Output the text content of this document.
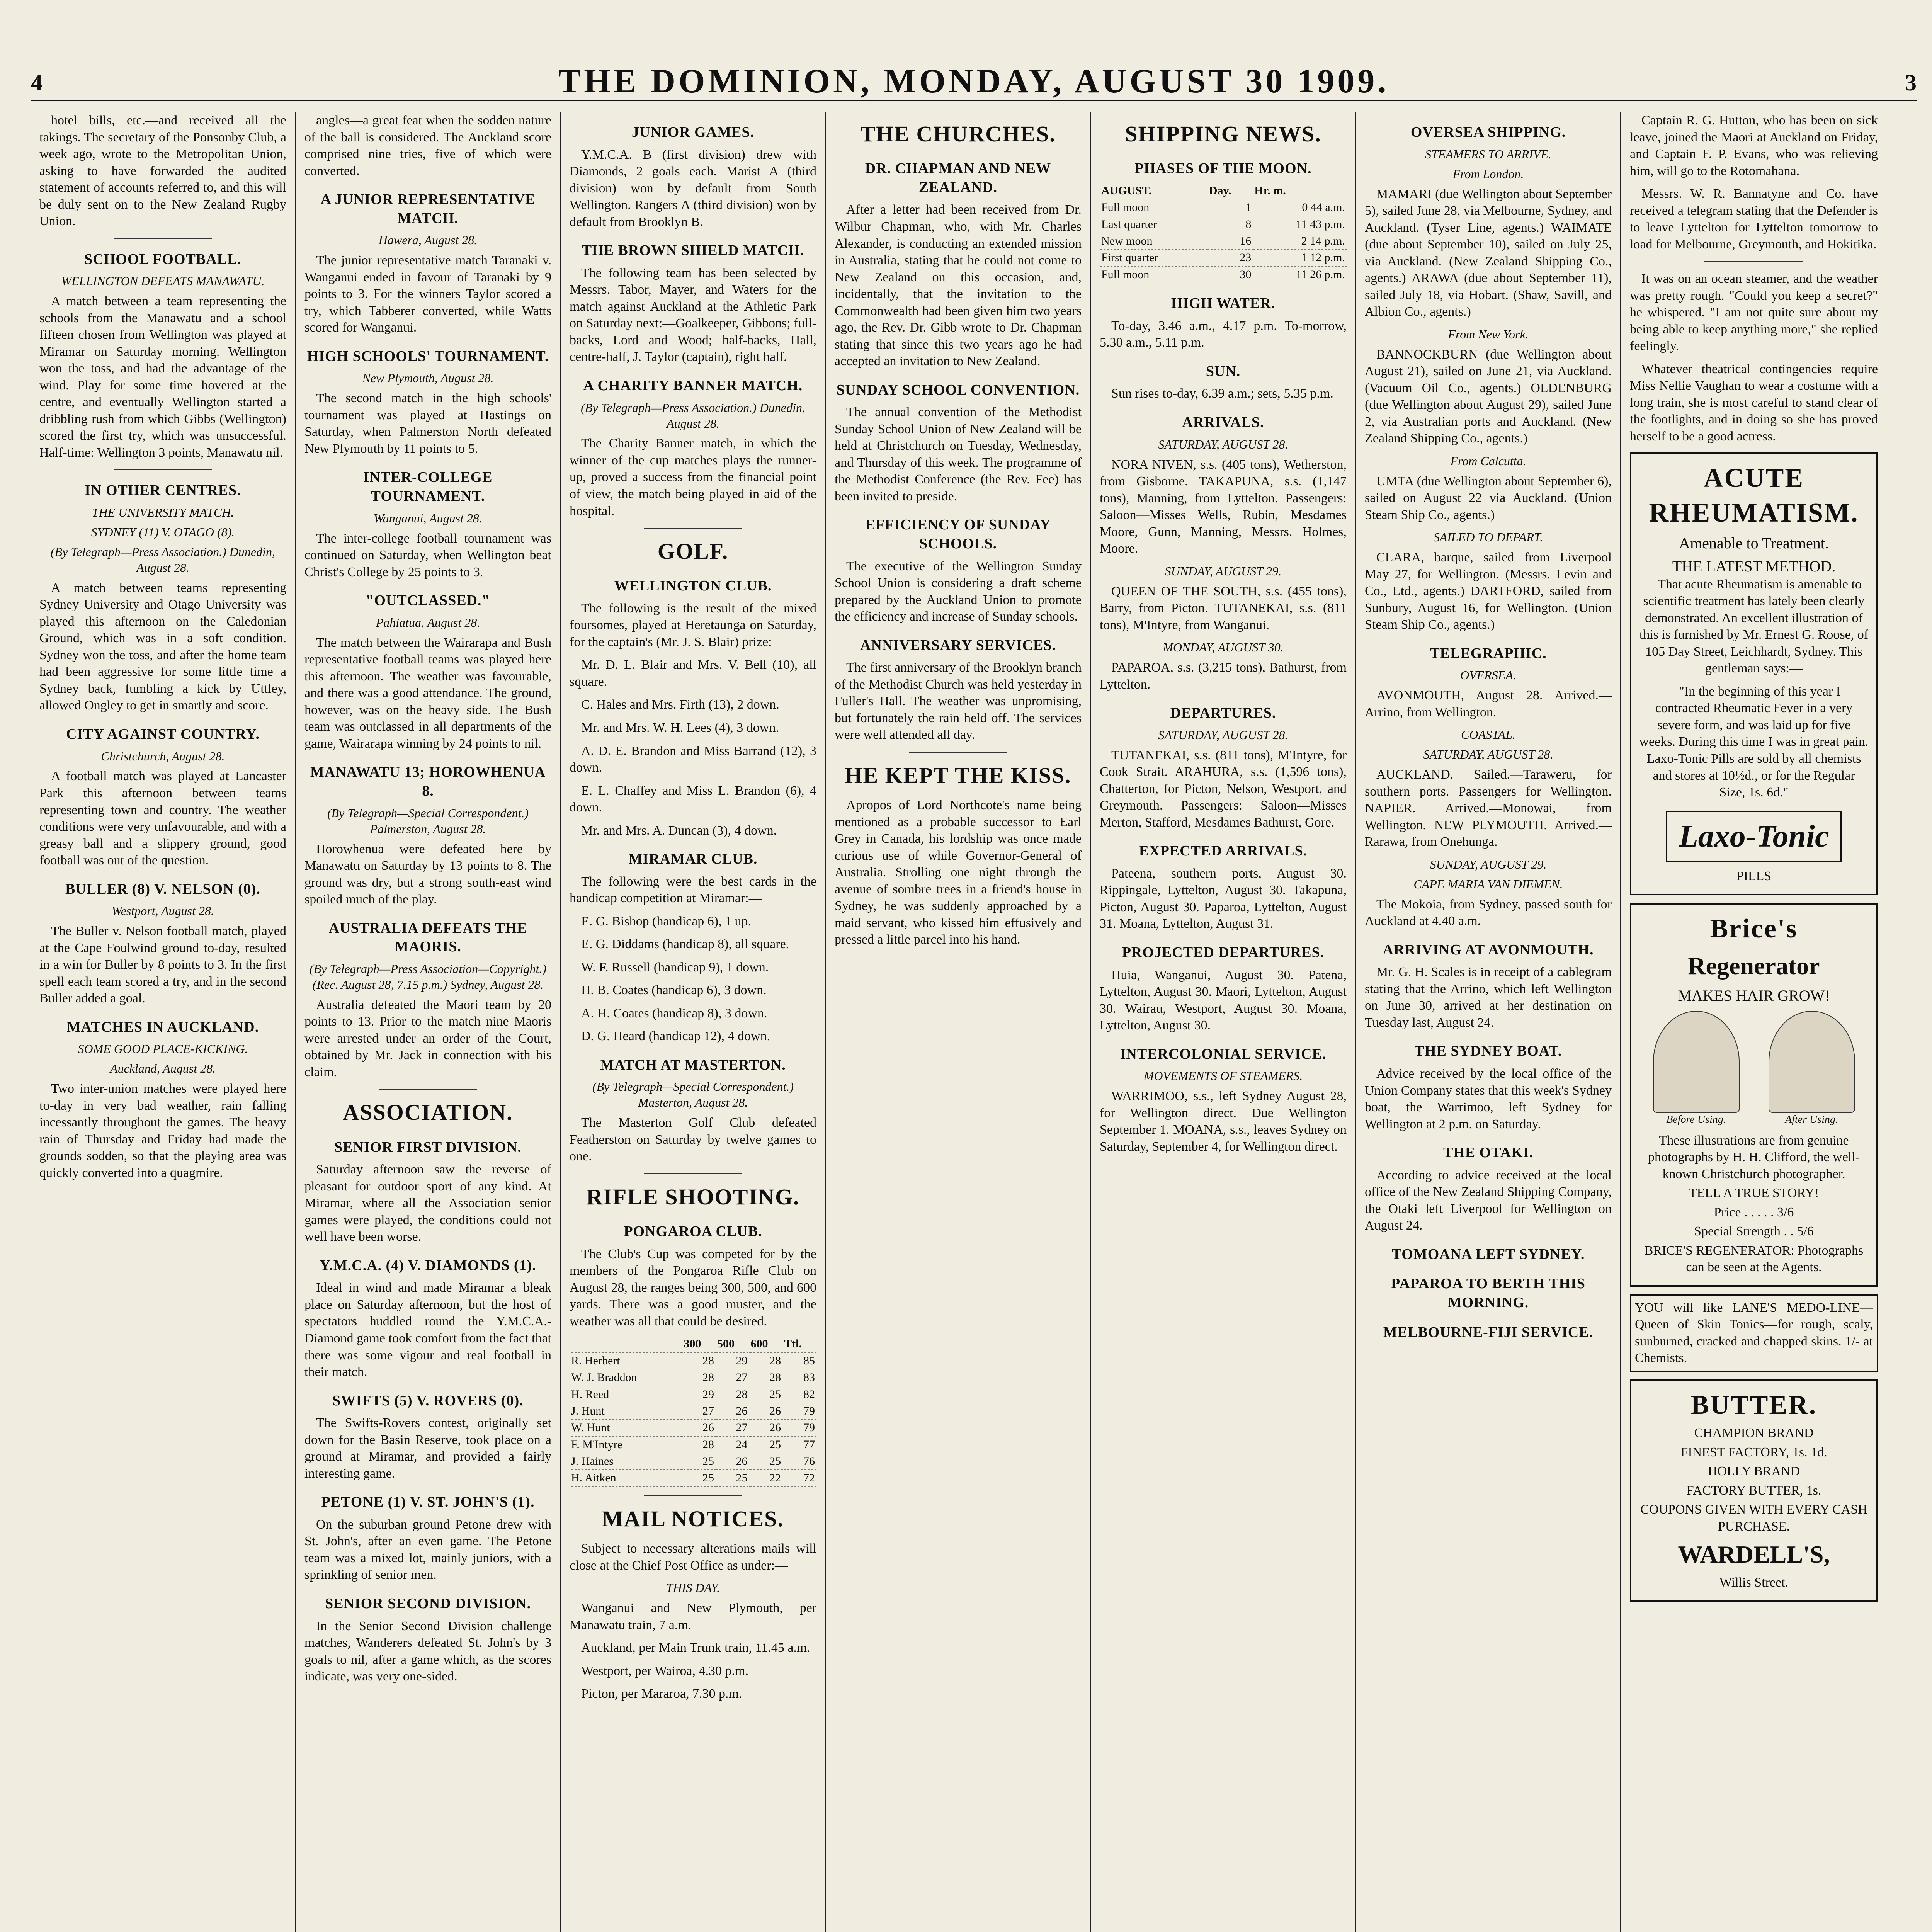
4	THE DOMINION, MONDAY, AUGUST 30 1909.	3

hotel bills, etc.—and received all the takings. The secretary of the Ponsonby Club, a week ago, wrote to the Metropolitan Union, asking to have forwarded the audited statement of accounts referred to, and this will be duly sent on to the New Zealand Rugby Union.

SCHOOL FOOTBALL.
WELLINGTON DEFEATS MANAWATU.

A match between a team representing the schools from the Manawatu and a school fifteen chosen from Wellington was played at Miramar on Saturday morning. Wellington won the toss, and had the advantage of the wind. Play for some time hovered at the centre, and eventually Wellington started a dribbling rush from which Gibbs (Wellington) scored the first try, which was unsuccessful. Half-time: Wellington 3 points, Manawatu nil.

IN OTHER CENTRES.
THE UNIVERSITY MATCH.
SYDNEY (11) V. OTAGO (8).
(By Telegraph—Press Association.) Dunedin, August 28.

A match between teams representing Sydney University and Otago University was played this afternoon on the Caledonian Ground, which was in a soft condition. Sydney won the toss, and after the home team had been aggressive for some little time a Sydney back, fumbling a kick by Uttley, allowed Ongley to get in smartly and score.

CITY AGAINST COUNTRY.
Christchurch, August 28.

A football match was played at Lancaster Park this afternoon between teams representing town and country. The weather conditions were very unfavourable, and with a greasy ball and a slippery ground, good football was out of the question.

BULLER (8) V. NELSON (0).
Westport, August 28.

The Buller v. Nelson football match, played at the Cape Foulwind ground to-day, resulted in a win for Buller by 8 points to 3. In the first spell each team scored a try, and in the second Buller added a goal.

MATCHES IN AUCKLAND.
SOME GOOD PLACE-KICKING.
Auckland, August 28.

Two inter-union matches were played here to-day in very bad weather, rain falling incessantly throughout the games. The heavy rain of Thursday and Friday had made the grounds sodden, so that the playing area was quickly converted into a quagmire.

angles—a great feat when the sodden nature of the ball is considered. The Auckland score comprised nine tries, five of which were converted.

A JUNIOR REPRESENTATIVE MATCH.
Hawera, August 28.

The junior representative match Taranaki v. Wanganui ended in favour of Taranaki by 9 points to 3. For the winners Taylor scored a try, which Tabberer converted, while Watts scored for Wanganui.

HIGH SCHOOLS' TOURNAMENT.
New Plymouth, August 28.

The second match in the high schools' tournament was played at Hastings on Saturday, when Palmerston North defeated New Plymouth by 11 points to 5.

INTER-COLLEGE TOURNAMENT.
Wanganui, August 28.

The inter-college football tournament was continued on Saturday, when Wellington beat Christ's College by 25 points to 3.

"OUTCLASSED."
Pahiatua, August 28.

The match between the Wairarapa and Bush representative football teams was played here this afternoon. The weather was favourable, and there was a good attendance. The ground, however, was on the heavy side. The Bush team was outclassed in all departments of the game, Wairarapa winning by 24 points to nil.

MANAWATU 13; HOROWHENUA 8.
(By Telegraph—Special Correspondent.) Palmerston, August 28.

Horowhenua were defeated here by Manawatu on Saturday by 13 points to 8. The ground was dry, but a strong south-east wind spoiled much of the play.

AUSTRALIA DEFEATS THE MAORIS.
(By Telegraph—Press Association—Copyright.) (Rec. August 28, 7.15 p.m.) Sydney, August 28.

Australia defeated the Maori team by 20 points to 13. Prior to the match nine Maoris were arrested under an order of the Court, obtained by Mr. Jack in connection with his claim.

ASSOCIATION.
SENIOR FIRST DIVISION.

Saturday afternoon saw the reverse of pleasant for outdoor sport of any kind. At Miramar, where all the Association senior games were played, the conditions could not well have been worse.

Y.M.C.A. (4) V. DIAMONDS (1).

Ideal in wind and made Miramar a bleak place on Saturday afternoon, but the host of spectators huddled round the Y.M.C.A.-Diamond game took comfort from the fact that there was some vigour and real football in their match.

SWIFTS (5) V. ROVERS (0).

The Swifts-Rovers contest, originally set down for the Basin Reserve, took place on a ground at Miramar, and provided a fairly interesting game.

PETONE (1) V. ST. JOHN'S (1).

On the suburban ground Petone drew with St. John's, after an even game. The Petone team was a mixed lot, mainly juniors, with a sprinkling of senior men.

SENIOR SECOND DIVISION.

In the Senior Second Division challenge matches, Wanderers defeated St. John's by 3 goals to nil, after a game which, as the scores indicate, was very one-sided.

JUNIOR GAMES.

Y.M.C.A. B (first division) drew with Diamonds, 2 goals each. Marist A (third division) won by default from South Wellington. Rangers A (third division) won by default from Brooklyn B.

THE BROWN SHIELD MATCH.

The following team has been selected by Messrs. Tabor, Mayer, and Waters for the match against Auckland at the Athletic Park on Saturday next:—Goalkeeper, Gibbons; full-backs, Lord and Wood; half-backs, Hall, centre-half, J. Taylor (captain), right half.

A CHARITY BANNER MATCH.
(By Telegraph—Press Association.) Dunedin, August 28.

The Charity Banner match, in which the winner of the cup matches plays the runner-up, proved a success from the financial point of view, the match being played in aid of the hospital.

GOLF.
WELLINGTON CLUB.

The following is the result of the mixed foursomes, played at Heretaunga on Saturday, for the captain's (Mr. J. S. Blair) prize:—

Mr. D. L. Blair and Mrs. V. Bell (10), all square.

C. Hales and Mrs. Firth (13), 2 down.

Mr. and Mrs. W. H. Lees (4), 3 down.

A. D. E. Brandon and Miss Barrand (12), 3 down.

E. L. Chaffey and Miss L. Brandon (6), 4 down.

Mr. and Mrs. A. Duncan (3), 4 down.

MIRAMAR CLUB.

The following were the best cards in the handicap competition at Miramar:—

E. G. Bishop (handicap 6), 1 up.

E. G. Diddams (handicap 8), all square.

W. F. Russell (handicap 9), 1 down.

H. B. Coates (handicap 6), 3 down.

A. H. Coates (handicap 8), 3 down.

D. G. Heard (handicap 12), 4 down.

MATCH AT MASTERTON.
(By Telegraph—Special Correspondent.) Masterton, August 28.

The Masterton Golf Club defeated Featherston on Saturday by twelve games to one.

RIFLE SHOOTING.
PONGAROA CLUB.

The Club's Cup was competed for by the members of the Pongaroa Rifle Club on August 28, the ranges being 300, 500, and 600 yards. There was a good muster, and the weather was all that could be desired.

	300	500	600	Ttl.
R. Herbert	28	29	28	85
W. J. Braddon	28	27	28	83
H. Reed	29	28	25	82
J. Hunt	27	26	26	79
W. Hunt	26	27	26	79
F. M'Intyre	28	24	25	77
J. Haines	25	26	25	76
H. Aitken	25	25	22	72
MAIL NOTICES.

Subject to necessary alterations mails will close at the Chief Post Office as under:—

THIS DAY.

Wanganui and New Plymouth, per Manawatu train, 7 a.m.

Auckland, per Main Trunk train, 11.45 a.m.

Westport, per Wairoa, 4.30 p.m.

Picton, per Mararoa, 7.30 p.m.

THE CHURCHES.
DR. CHAPMAN AND NEW ZEALAND.

After a letter had been received from Dr. Wilbur Chapman, who, with Mr. Charles Alexander, is conducting an extended mission in Australia, stating that he could not come to New Zealand on this occasion, and, incidentally, that the invitation to the Commonwealth had been given him two years ago, the Rev. Dr. Gibb wrote to Dr. Chapman stating that since this two years ago he had accepted an invitation to New Zealand.

SUNDAY SCHOOL CONVENTION.

The annual convention of the Methodist Sunday School Union of New Zealand will be held at Christchurch on Tuesday, Wednesday, and Thursday of this week. The programme of the Methodist Conference (the Rev. Fee) has been invited to preside.

EFFICIENCY OF SUNDAY SCHOOLS.

The executive of the Wellington Sunday School Union is considering a draft scheme prepared by the Auckland Union to promote the efficiency and increase of Sunday schools.

ANNIVERSARY SERVICES.

The first anniversary of the Brooklyn branch of the Methodist Church was held yesterday in Fuller's Hall. The weather was unpromising, but fortunately the rain held off. The services were well attended all day.

HE KEPT THE KISS.

Apropos of Lord Northcote's name being mentioned as a probable successor to Earl Grey in Canada, his lordship was once made curious use of while Governor-General of Australia. Strolling one night through the avenue of sombre trees in a friend's house in Sydney, he was suddenly approached by a maid servant, who kissed him effusively and pressed a little parcel into his hand.

SHIPPING NEWS.
PHASES OF THE MOON.
AUGUST.	Day.	Hr. m.
Full moon	1	0 44 a.m.
Last quarter	8	11 43 p.m.
New moon	16	2 14 p.m.
First quarter	23	1 12 p.m.
Full moon	30	11 26 p.m.
HIGH WATER.

To-day, 3.46 a.m., 4.17 p.m. To-morrow, 5.30 a.m., 5.11 p.m.

SUN.

Sun rises to-day, 6.39 a.m.; sets, 5.35 p.m.

ARRIVALS.
SATURDAY, AUGUST 28.

NORA NIVEN, s.s. (405 tons), Wetherston, from Gisborne. TAKAPUNA, s.s. (1,147 tons), Manning, from Lyttelton. Passengers: Saloon—Misses Wells, Rubin, Mesdames Moore, Gunn, Manning, Messrs. Holmes, Moore.

SUNDAY, AUGUST 29.

QUEEN OF THE SOUTH, s.s. (455 tons), Barry, from Picton. TUTANEKAI, s.s. (811 tons), M'Intyre, from Wanganui.

MONDAY, AUGUST 30.

PAPAROA, s.s. (3,215 tons), Bathurst, from Lyttelton.

DEPARTURES.
SATURDAY, AUGUST 28.

TUTANEKAI, s.s. (811 tons), M'Intyre, for Cook Strait. ARAHURA, s.s. (1,596 tons), Chatterton, for Picton, Nelson, Westport, and Greymouth. Passengers: Saloon—Misses Merton, Stafford, Mesdames Bathurst, Gore.

EXPECTED ARRIVALS.

Pateena, southern ports, August 30. Rippingale, Lyttelton, August 30. Takapuna, Picton, August 30. Paparoa, Lyttelton, August 31. Moana, Lyttelton, August 31.

PROJECTED DEPARTURES.

Huia, Wanganui, August 30. Patena, Lyttelton, August 30. Maori, Lyttelton, August 30. Wairau, Westport, August 30. Moana, Lyttelton, August 30.

INTERCOLONIAL SERVICE.
MOVEMENTS OF STEAMERS.

WARRIMOO, s.s., left Sydney August 28, for Wellington direct. Due Wellington September 1. MOANA, s.s., leaves Sydney on Saturday, September 4, for Wellington direct.

OVERSEA SHIPPING.
STEAMERS TO ARRIVE.
From London.

MAMARI (due Wellington about September 5), sailed June 28, via Melbourne, Sydney, and Auckland. (Tyser Line, agents.) WAIMATE (due about September 10), sailed on July 25, via Auckland. (New Zealand Shipping Co., agents.) ARAWA (due about September 11), sailed July 18, via Hobart. (Shaw, Savill, and Albion Co., agents.)

From New York.

BANNOCKBURN (due Wellington about August 21), sailed on June 21, via Auckland. (Vacuum Oil Co., agents.) OLDENBURG (due Wellington about August 29), sailed June 2, via Australian ports and Auckland. (New Zealand Shipping Co., agents.)

From Calcutta.

UMTA (due Wellington about September 6), sailed on August 22 via Auckland. (Union Steam Ship Co., agents.)

SAILED TO DEPART.

CLARA, barque, sailed from Liverpool May 27, for Wellington. (Messrs. Levin and Co., Ltd., agents.) DARTFORD, sailed from Sunbury, August 16, for Wellington. (Union Steam Ship Co., agents.)

TELEGRAPHIC.
OVERSEA.

AVONMOUTH, August 28. Arrived.—Arrino, from Wellington.

COASTAL.
SATURDAY, AUGUST 28.

AUCKLAND. Sailed.—Taraweru, for southern ports. Passengers for Wellington. NAPIER. Arrived.—Monowai, from Wellington. NEW PLYMOUTH. Arrived.—Rarawa, from Onehunga.

SUNDAY, AUGUST 29.
CAPE MARIA VAN DIEMEN.

The Mokoia, from Sydney, passed south for Auckland at 4.40 a.m.

ARRIVING AT AVONMOUTH.

Mr. G. H. Scales is in receipt of a cablegram stating that the Arrino, which left Wellington on June 30, arrived at her destination on Tuesday last, August 24.

THE SYDNEY BOAT.

Advice received by the local office of the Union Company states that this week's Sydney boat, the Warrimoo, left Sydney for Wellington at 2 p.m. on Saturday.

THE OTAKI.

According to advice received at the local office of the New Zealand Shipping Company, the Otaki left Liverpool for Wellington on August 24.

TOMOANA LEFT SYDNEY.
PAPAROA TO BERTH THIS MORNING.
MELBOURNE-FIJI SERVICE.

Captain R. G. Hutton, who has been on sick leave, joined the Maori at Auckland on Friday, and Captain F. P. Evans, who was relieving him, will go to the Rotomahana.

Messrs. W. R. Bannatyne and Co. have received a telegram stating that the Defender is to leave Lyttelton for Lyttelton tomorrow to load for Melbourne, Greymouth, and Hokitika.

It was on an ocean steamer, and the weather was pretty rough. "Could you keep a secret?" he whispered. "I am not quite sure about my being able to keep anything more," she replied feelingly.

Whatever theatrical contingencies require Miss Nellie Vaughan to wear a costume with a long train, she is most careful to stand clear of the footlights, and in doing so she has proved herself to be a good actress.

ACUTE RHEUMATISM.
Amenable to Treatment.
THE LATEST METHOD.

That acute Rheumatism is amenable to scientific treatment has lately been clearly demonstrated. An excellent illustration of this is furnished by Mr. Ernest G. Roose, of 105 Day Street, Leichhardt, Sydney. This gentleman says:—

"In the beginning of this year I contracted Rheumatic Fever in a very severe form, and was laid up for five weeks. During this time I was in great pain. Laxo-Tonic Pills are sold by all chemists and stores at 10½d., or for the Regular Size, 1s. 6d."

Laxo-Tonic
PILLS
Brice's
Regenerator
MAKES HAIR GROW!
Before Using.	After Using.
These illustrations are from genuine photographs by H. H. Clifford, the well-known Christchurch photographer.
TELL A TRUE STORY!
Price . . . . . 3/6
Special Strength . . 5/6
BRICE'S REGENERATOR: Photographs can be seen at the Agents.
YOU will like LANE'S MEDO-LINE—Queen of Skin Tonics—for rough, scaly, sunburned, cracked and chapped skins. 1/- at Chemists.
BUTTER.
CHAMPION BRAND
FINEST FACTORY, 1s. 1d.
HOLLY BRAND
FACTORY BUTTER, 1s.
COUPONS GIVEN WITH EVERY CASH PURCHASE.
WARDELL'S,
Willis Street.
